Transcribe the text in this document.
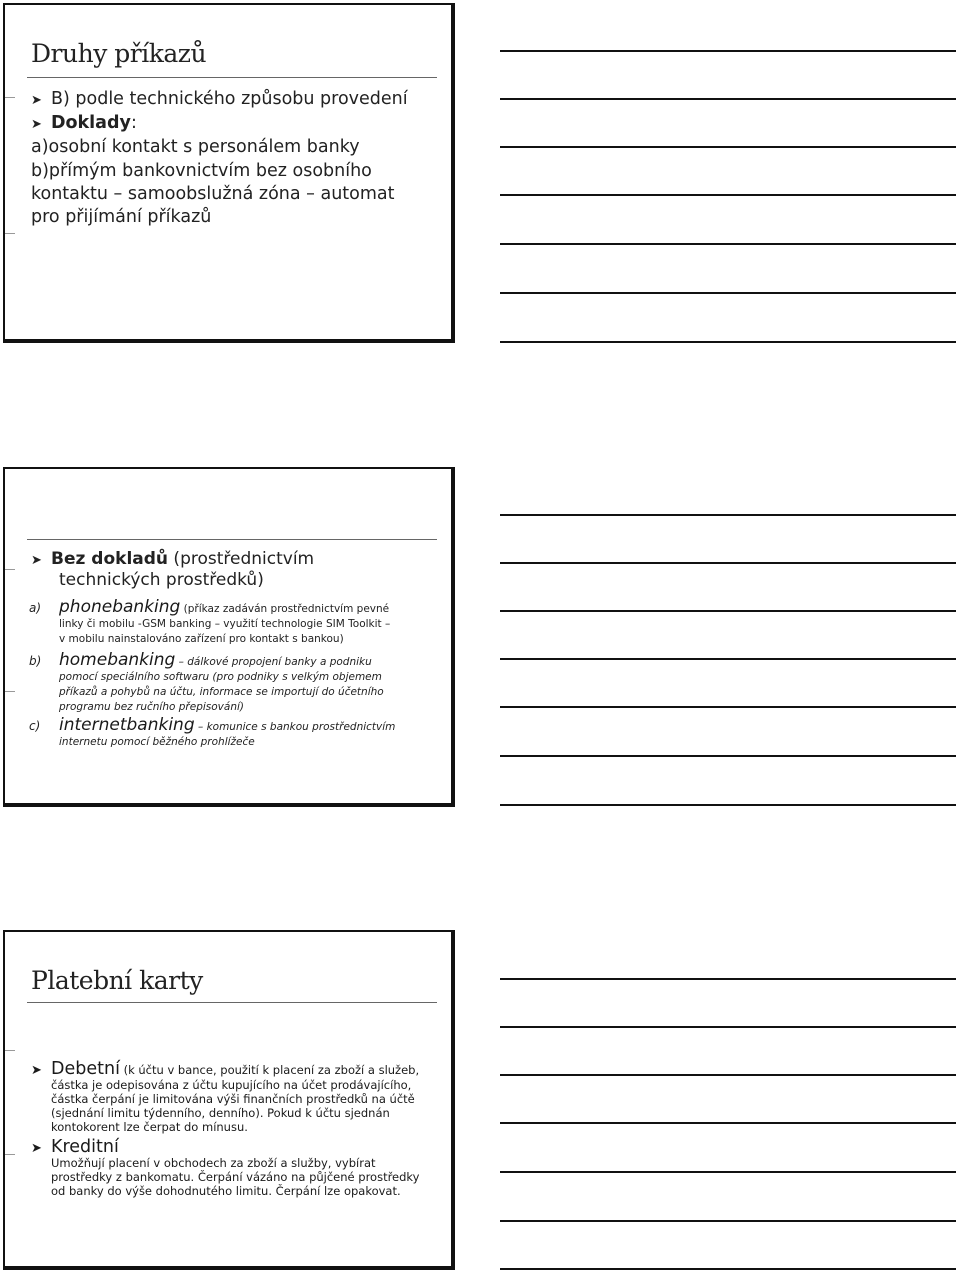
Druhy příkazů
➤ B) podle technického způsobu provedení
➤ Doklady:
a)osobní kontakt s personálem banky
b)přímým bankovnictvím bez osobního
kontaktu – samoobslužná zóna – automat
pro přijímání příkazů
➤ Bez dokladů (prostřednictvím
technických prostředků)
a) phonebanking (příkaz zadáván prostřednictvím pevné
linky či mobilu -GSM banking – využití technologie SIM Toolkit –
v mobilu nainstalováno zařízení pro kontakt s bankou)
b) homebanking – dálkové propojení banky a podniku
pomocí speciálního softwaru (pro podniky s velkým objemem
příkazů a pohybů na účtu, informace se importují do účetního
programu bez ručního přepisování)
c) internetbanking – komunice s bankou prostřednictvím
internetu pomocí běžného prohlížeče
Platební karty
➤ Debetní (k účtu v bance, použití k placení za zboží a služeb,
částka je odepisována z účtu kupujícího na účet prodávajícího,
částka čerpání je limitována výši finančních prostředků na účtě
(sjednání limitu týdenního, denního). Pokud k účtu sjednán
kontokorent lze čerpat do mínusu.
➤ Kreditní
Umožňují placení v obchodech za zboží a služby, vybírat
prostředky z bankomatu. Čerpání vázáno na půjčené prostředky
od banky do výše dohodnutého limitu. Čerpání lze opakovat.
